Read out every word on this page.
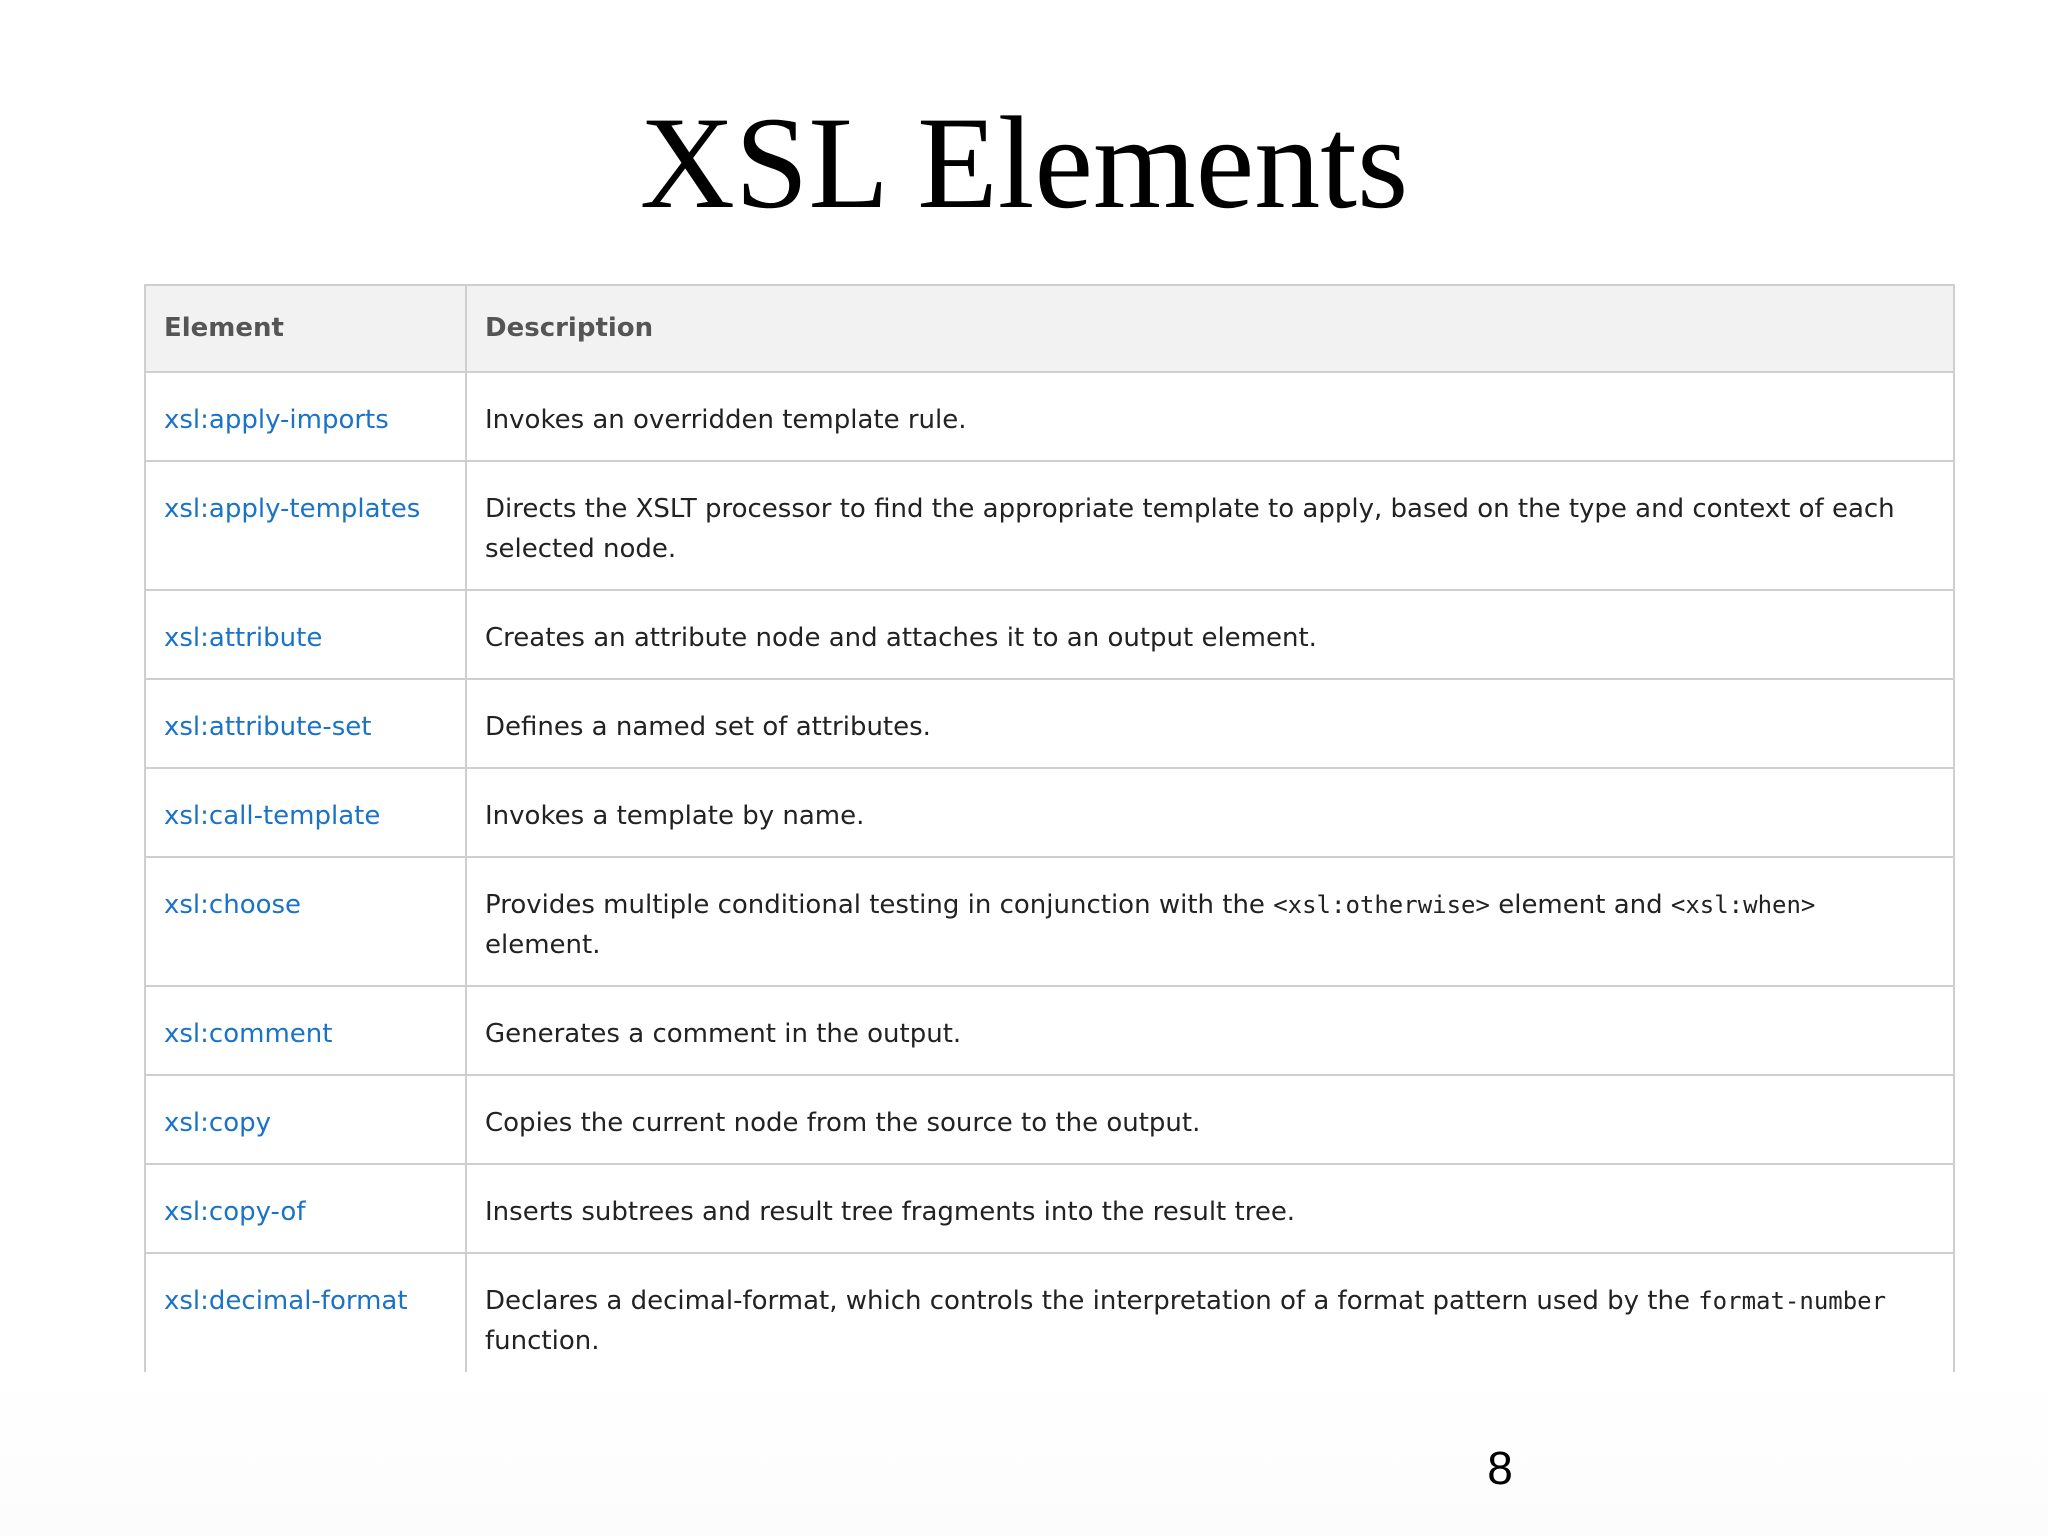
XSL Elements
Element	Description
xsl:apply-imports	Invokes an overridden template rule.
xsl:apply-templates	Directs the XSLT processor to find the appropriate template to apply, based on the type and context of each selected node.
xsl:attribute	Creates an attribute node and attaches it to an output element.
xsl:attribute-set	Defines a named set of attributes.
xsl:call-template	Invokes a template by name.
xsl:choose	Provides multiple conditional testing in conjunction with the <xsl:otherwise> element and <xsl:when> element.
xsl:comment	Generates a comment in the output.
xsl:copy	Copies the current node from the source to the output.
xsl:copy-of	Inserts subtrees and result tree fragments into the result tree.
xsl:decimal-format	Declares a decimal-format, which controls the interpretation of a format pattern used by the format-number function.
8
